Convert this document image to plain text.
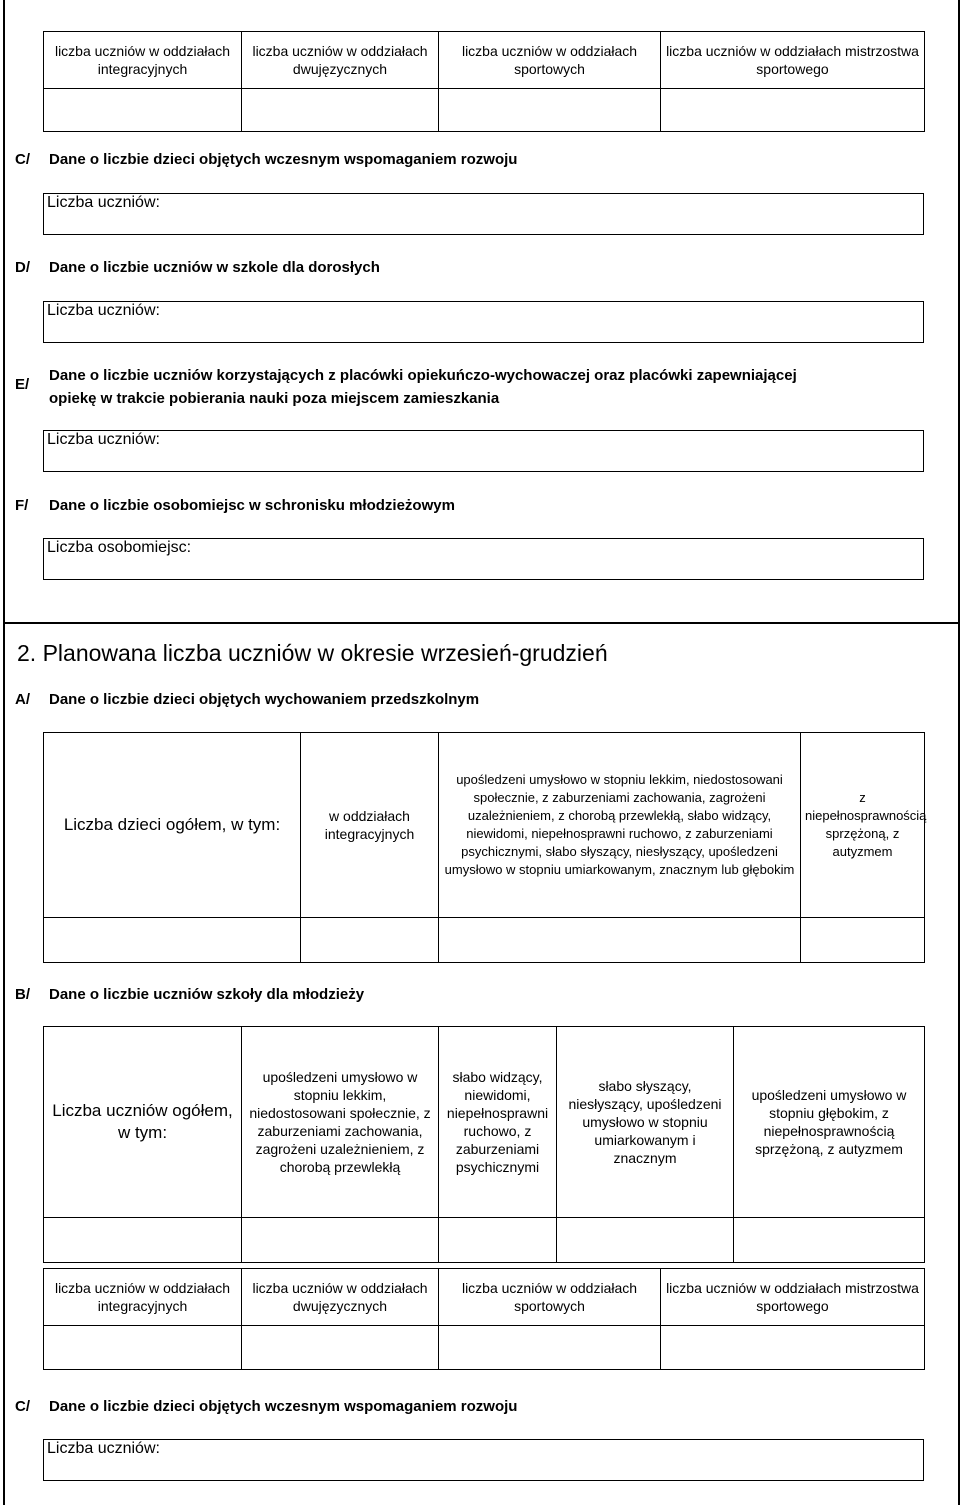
liczba uczniów w oddziałach integracyjnych	liczba uczniów w oddziałach dwujęzycznych	liczba uczniów w oddziałach sportowych	liczba uczniów w oddziałach mistrzostwa sportowego

C/ Dane o liczbie dzieci objętych wczesnym wspomaganiem rozwoju
Liczba uczniów:
D/ Dane o liczbie uczniów w szkole dla dorosłych
Liczba uczniów:
E/
Dane o liczbie uczniów korzystających z placówki opiekuńczo-wychowaczej oraz placówki zapewniającej
opiekę w trakcie pobierania nauki poza miejscem zamieszkania
Liczba uczniów:
F/ Dane o liczbie osobomiejsc w schronisku młodzieżowym
Liczba osobomiejsc:
2. Planowana liczba uczniów w okresie wrzesień-grudzień
A/ Dane o liczbie dzieci objętych wychowaniem przedszkolnym
Liczba dzieci ogółem, w tym:	w oddziałach integracyjnych	upośledzeni umysłowo w stopniu lekkim, niedostosowani społecznie, z zaburzeniami zachowania, zagrożeni uzależnieniem, z chorobą przewlekłą, słabo widzący, niewidomi, niepełnosprawni ruchowo, z zaburzeniami psychicznymi, słabo słyszący, niesłyszący, upośledzeni umysłowo w stopniu umiarkowanym, znacznym lub głębokim	z niepełnosprawnością sprzężoną, z autyzmem

B/ Dane o liczbie uczniów szkoły dla młodzieży
Liczba uczniów ogółem, w tym:	upośledzeni umysłowo w stopniu lekkim, niedostosowani społecznie, z zaburzeniami zachowania, zagrożeni uzależnieniem, z chorobą przewlekłą	słabo widzący, niewidomi, niepełnosprawni ruchowo, z zaburzeniami psychicznymi	słabo słyszący, niesłyszący, upośledzeni umysłowo w stopniu umiarkowanym i znacznym	upośledzeni umysłowo w stopniu głębokim, z niepełnosprawnością sprzężoną, z autyzmem

liczba uczniów w oddziałach integracyjnych	liczba uczniów w oddziałach dwujęzycznych	liczba uczniów w oddziałach sportowych	liczba uczniów w oddziałach mistrzostwa sportowego

C/ Dane o liczbie dzieci objętych wczesnym wspomaganiem rozwoju
Liczba uczniów:
